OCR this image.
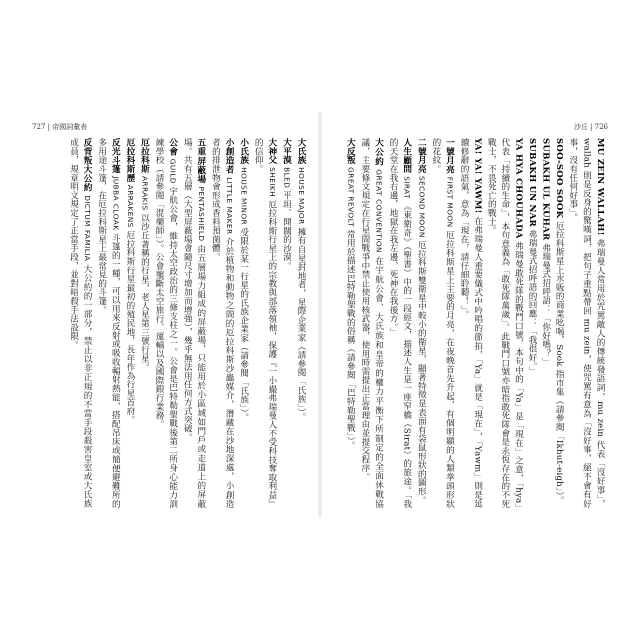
727 | 帝國詞彙表

大氏族 HOUSE MAJOR 擁有自星封地者，星際企業家（請參閱「氏族」）。

大平漠 BLED 平坦、開闊的沙漠。

大神父 SHEIKH 厄拉科斯行星上的宗教與部落領袖，保護『一小撮弗瑞曼人不受科技奪取利益』的信仰。

小氏族 HOUSE MINOR 受限於某一行星的氏族企業家（請參閱「氏族」）。

小創造者 LITTLE MAKER 介於植物和動物之間的厄拉科斯沙蟲媒介，潛藏在沙地深處，小創造者的排泄物會形成香料預菌體。

五重屏蔽場 PENTASHIELD 由五層場力組成的屏蔽場，只能用於小區域如門戶或走道上的屏蔽場。共有五層（大型屏蔽場會隨尺寸增加而增強），幾乎無法用任何方式突破。

公會 GUILD 宇航公會，維持太空政治的三條支柱之一。公會是巴特勒聖戰後第二所身心能力訓練學校（請參閱「混藥師」）。公會壟斷太空旅行、運輸以及國際銀行業務。

厄拉科斯 ARRAKIS 以沙丘著稱的行星，老人星第三號行星。

厄拉科斯歷 ARRAKENS 厄拉科斯行星最初的殖民地，長年作為行星首府。

反光斗篷 JUBBA CLOAK 斗篷的一種，可以用來反射或吸收輻射熱能，搭配吊床或簡便避難所的多用途斗篷，在厄拉科斯星上最常見的斗篷。

反背叛大公約 DICTUM FAMILIA 大公約的一部分，禁止以非正規的不當手段殺害皇室或大氏族成員，規章明文規定了正當手段，並對暗殺手法設限。

沙丘 | 726

MU ZEIN WALLAH! 弗瑞曼人常用於咒罵敵人的傳統發語詞，mu zein 代表「沒好事」，wallah 則是反身的驚嘆詞，把句子重點帶回 mu zein，使咒罵有意為「沒好事，絕不會有好事，沒有任何好事」。

SOO-SOO SOOK 厄拉科斯星上水販的商業吆喝，Sook 指市集（請參閱「Ikhut-eigh」）。

SUBAKH UL KUHAR 弗瑞曼式招呼語：「你好嗎？」

SUBAKH UN NAR 弗瑞曼式招呼語的回應：「我很好。」

YA HYA CHOUHADA 弗瑞曼敢死隊的戰鬥口號，本句中的「Ya」是「現在」之意，「hya」代表「持續的生命」，本句意義為「敢死隊萬歲」。此戰鬥口號亦暗指敢死隊會是永恆存在的不死戰士，不畏死亡的戰士。

YA! YA! YAWM! 在弗瑞曼人重要儀式中吟唱的節拍，「Ya」就是「現在」，「Yawm」則是延續修辭的語氣，意為「現在，請仔細聆聽！」。

一號月亮 FIRST MOON 厄拉科斯星上主要的月亮，在夜晚首先升起，有個明顯的人類拳頭形狀的花紋。

二號月亮 SECOND MOON 厄拉科斯雙衛星中較小的衛星，顯著特徵是表面有袋鼠形狀的圖形。

人生顧問 SIRAT 《東衛奇》（聖書）中的一段經文，描述人生是一座窄橋（Sirat）的旅途。「我的天堂在我右邊，地獄在我左邊，死神在我後方。」

大公約 GREAT CONVENTION 在宇航公會、大氏族和皇帝的權力平衡下所制定的全面休戰協議，主要條文規定在行星間戰爭中禁止使用核武器，使用時需提出正當理由並提交程序。

大反叛 GREAT REVOLT 常用於描述巴特勒聖戰的俗稱（請參閱「巴特勒聖戰」）。
